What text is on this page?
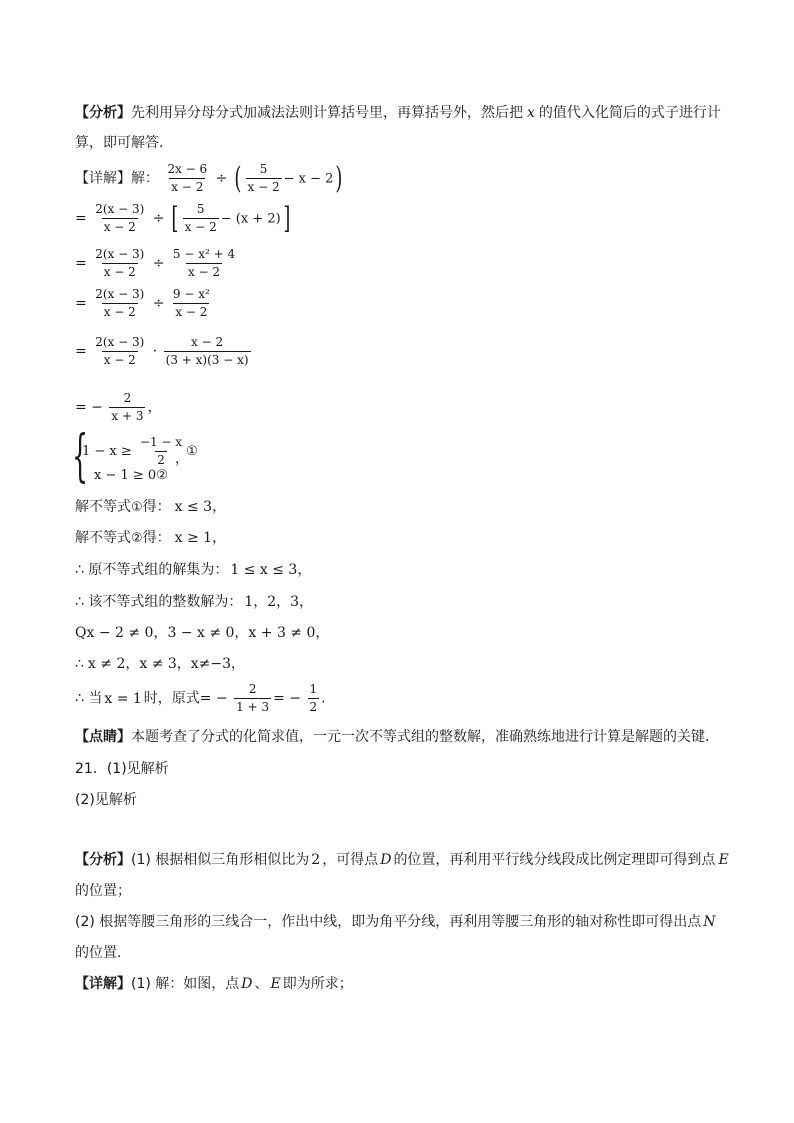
【分析】先利用异分母分式加减法法则计算括号里，再算括号外，然后把 x 的值代入化简后的式子进行计
算，即可解答．
【详解】解： $\frac{2x - 6}{x - 2}$ ÷ ( $\frac{5}{x - 2} - x - 2$)
= $\frac{2(x - 3)}{x - 2}$ ÷ [ $\frac{5}{x - 2} - (x + 2)$]
= $\frac{2(x - 3)}{x - 2} \div \frac{\text{5 − x² + 4}}{x - 2}$
= $\frac{2(x - 3)}{x - 2} \div \frac{\text{9 − x²}}{x - 2}$
= $\frac{2(x - 3)}{x - 2} \cdot \frac{x - 2}{(3 + x)(3 - x)}$
= − $\frac{2}{x + 3}$ ，
{
$1 - x \ge \frac{-1 - x}{2}$ ①
x − 1 ≥ 0②
，
解不等式①得： x ≤ 3，
解不等式②得： x ≥ 1，
∴ 原不等式组的解集为： 1 ≤ x ≤ 3，
∴ 该不等式组的整数解为： 1，2，3，
Qx − 2 ≠ 0，3 − x ≠ 0，x + 3 ≠ 0，
∴ x ≠ 2，x ≠ 3，x≠−3，
∴ 当 x = 1 时，原式= − $\frac{2}{1 + 3}$ = − $\frac{1}{2}$ .
【点睛】本题考查了分式的化简求值，一元一次不等式组的整数解，准确熟练地进行计算是解题的关键．
21．(1)见解析
(2)见解析
【分析】(1) 根据相似三角形相似比为 2 ，可得点 D 的位置，再利用平行线分线段成比例定理即可得到点 E
的位置；
(2) 根据等腰三角形的三线合一，作出中线，即为角平分线，再利用等腰三角形的轴对称性即可得出点 N
的位置．
【详解】(1) 解：如图，点 D 、 E 即为所求；
